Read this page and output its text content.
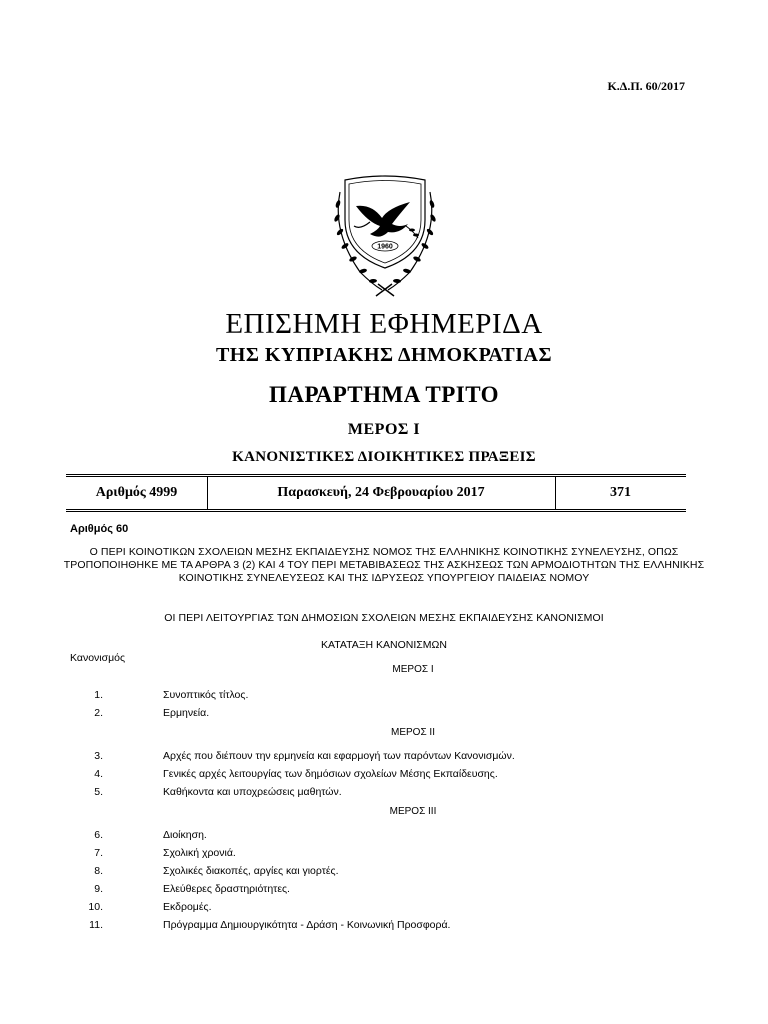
Κ.Δ.Π. 60/2017
1960
ΕΠΙΣΗΜΗ ΕΦΗΜΕΡΙΔΑ
ΤΗΣ ΚΥΠΡΙΑΚΗΣ ΔΗΜΟΚΡΑΤΙΑΣ
ΠΑΡΑΡΤΗΜΑ ΤΡΙΤΟ
ΜΕΡΟΣ Ι
ΚΑΝΟΝΙΣΤΙΚΕΣ ΔΙΟΙΚΗΤΙΚΕΣ ΠΡΑΞΕΙΣ
Αριθμός 4999	Παρασκευή, 24 Φεβρουαρίου 2017	371
Αριθμός 60
Ο ΠΕΡΙ ΚΟΙΝΟΤΙΚΩΝ ΣΧΟΛΕΙΩΝ ΜΕΣΗΣ ΕΚΠΑΙΔΕΥΣΗΣ ΝΟΜΟΣ ΤΗΣ ΕΛΛΗΝΙΚΗΣ ΚΟΙΝΟΤΙΚΗΣ ΣΥΝΕΛΕΥΣΗΣ, ΟΠΩΣ ΤΡΟΠΟΠΟΙΗΘΗΚΕ ΜΕ ΤΑ ΑΡΘΡΑ 3 (2) ΚΑΙ 4 ΤΟΥ ΠΕΡΙ ΜΕΤΑΒΙΒΑΣΕΩΣ ΤΗΣ ΑΣΚΗΣΕΩΣ ΤΩΝ ΑΡΜΟΔΙΟΤΗΤΩΝ ΤΗΣ ΕΛΛΗΝΙΚΗΣ ΚΟΙΝΟΤΙΚΗΣ ΣΥΝΕΛΕΥΣΕΩΣ ΚΑΙ ΤΗΣ ΙΔΡΥΣΕΩΣ ΥΠΟΥΡΓΕΙΟΥ ΠΑΙΔΕΙΑΣ ΝΟΜΟΥ
ΟΙ ΠΕΡΙ ΛΕΙΤΟΥΡΓΙΑΣ ΤΩΝ ΔΗΜΟΣΙΩΝ ΣΧΟΛΕΙΩΝ ΜΕΣΗΣ ΕΚΠΑΙΔΕΥΣΗΣ ΚΑΝΟΝΙΣΜΟΙ
ΚΑΤΑΤΑΞΗ ΚΑΝΟΝΙΣΜΩΝ
Κανονισμός
ΜΕΡΟΣ Ι
1.	Συνοπτικός τίτλος.
2.	Ερμηνεία.
ΜΕΡΟΣ ΙΙ
3.	Αρχές που διέπουν την ερμηνεία και εφαρμογή των παρόντων Κανονισμών.
4.	Γενικές αρχές λειτουργίας των δημόσιων σχολείων Μέσης Εκπαίδευσης.
5.	Καθήκοντα και υποχρεώσεις μαθητών.
ΜΕΡΟΣ ΙΙΙ
6.	Διοίκηση.
7.	Σχολική χρονιά.
8.	Σχολικές διακοπές, αργίες και γιορτές.
9.	Ελεύθερες δραστηριότητες.
10.	Εκδρομές.
11.	Πρόγραμμα Δημιουργικότητα - Δράση - Κοινωνική Προσφορά.
